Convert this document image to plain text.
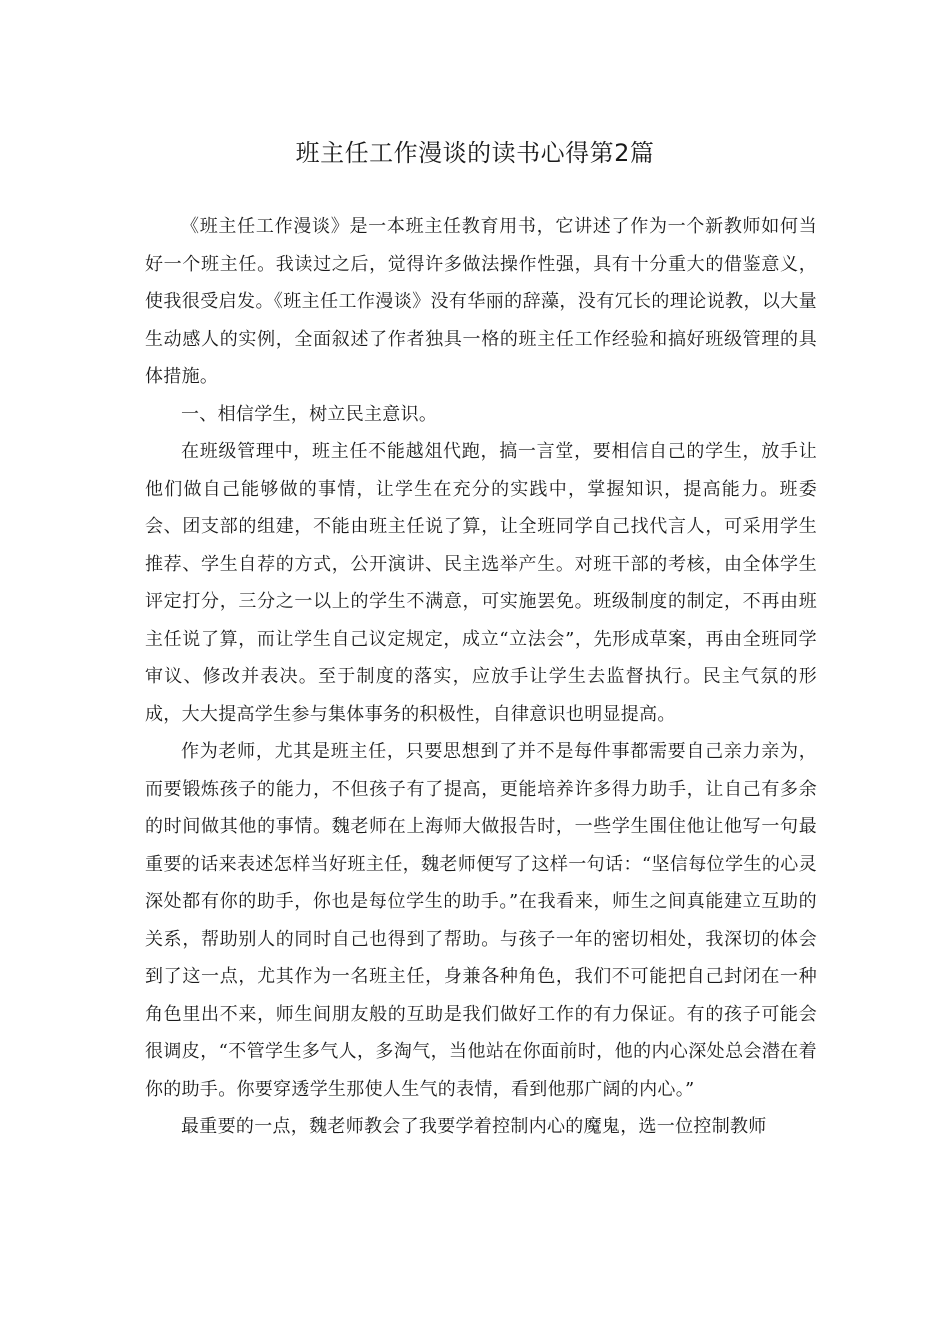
班主任工作漫谈的读书心得第2篇

《班主任工作漫谈》是一本班主任教育用书，它讲述了作为一个新教师如何当好一个班主任。我读过之后，觉得许多做法操作性强，具有十分重大的借鉴意义，使我很受启发。《班主任工作漫谈》没有华丽的辞藻，没有冗长的理论说教，以大量生动感人的实例，全面叙述了作者独具一格的班主任工作经验和搞好班级管理的具体措施。

一、相信学生，树立民主意识。

在班级管理中，班主任不能越俎代跑，搞一言堂，要相信自己的学生，放手让他们做自己能够做的事情，让学生在充分的实践中，掌握知识，提高能力。班委会、团支部的组建，不能由班主任说了算，让全班同学自己找代言人，可采用学生推荐、学生自荐的方式，公开演讲、民主选举产生。对班干部的考核，由全体学生评定打分，三分之一以上的学生不满意，可实施罢免。班级制度的制定，不再由班主任说了算，而让学生自己议定规定，成立“立法会”，先形成草案，再由全班同学审议、修改并表决。至于制度的落实，应放手让学生去监督执行。民主气氛的形成，大大提高学生参与集体事务的积极性，自律意识也明显提高。

作为老师，尤其是班主任，只要思想到了并不是每件事都需要自己亲力亲为，而要锻炼孩子的能力，不但孩子有了提高，更能培养许多得力助手，让自己有多余的时间做其他的事情。魏老师在上海师大做报告时，一些学生围住他让他写一句最重要的话来表述怎样当好班主任，魏老师便写了这样一句话：“坚信每位学生的心灵深处都有你的助手，你也是每位学生的助手。”在我看来，师生之间真能建立互助的关系，帮助别人的同时自己也得到了帮助。与孩子一年的密切相处，我深切的体会到了这一点，尤其作为一名班主任，身兼各种角色，我们不可能把自己封闭在一种角色里出不来，师生间朋友般的互助是我们做好工作的有力保证。有的孩子可能会很调皮，“不管学生多气人，多淘气，当他站在你面前时，他的内心深处总会潜在着你的助手。你要穿透学生那使人生气的表情，看到他那广阔的内心。”

最重要的一点，魏老师教会了我要学着控制内心的魔鬼，选一位控制教师
